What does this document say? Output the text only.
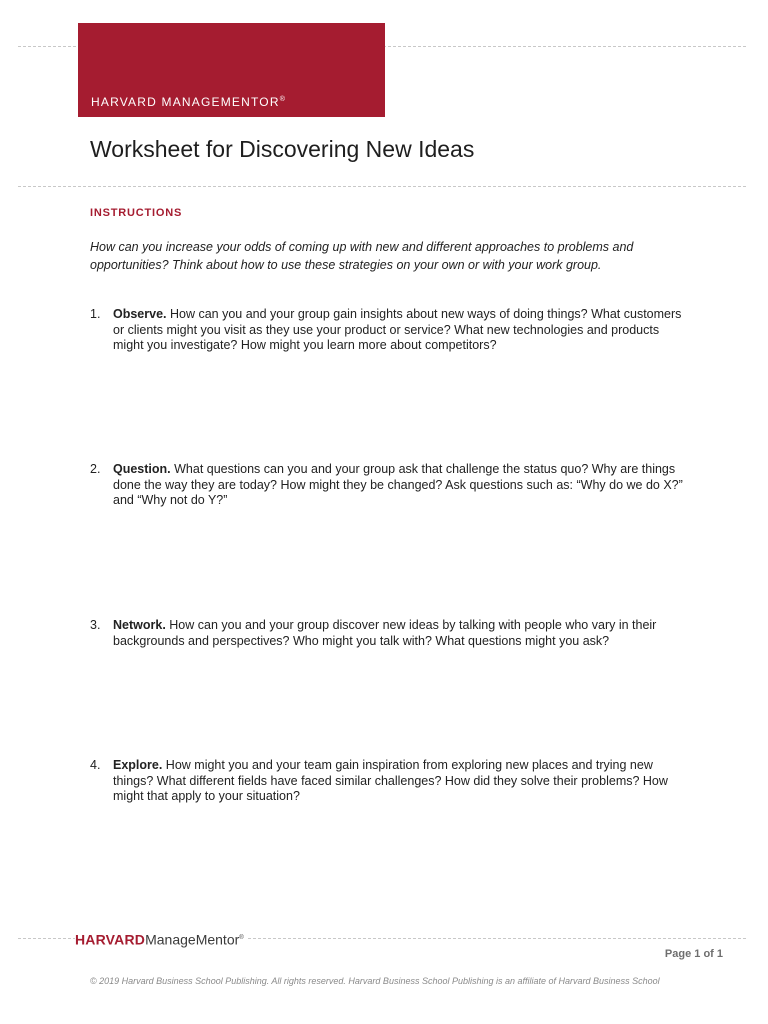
HARVARD MANAGEMENTOR®
Worksheet for Discovering New Ideas
INSTRUCTIONS
How can you increase your odds of coming up with new and different approaches to problems and opportunities? Think about how to use these strategies on your own or with your work group.
1. Observe. How can you and your group gain insights about new ways of doing things? What customers or clients might you visit as they use your product or service? What new technologies and products might you investigate? How might you learn more about competitors?
2. Question. What questions can you and your group ask that challenge the status quo? Why are things done the way they are today? How might they be changed? Ask questions such as: “Why do we do X?” and “Why not do Y?”
3. Network. How can you and your group discover new ideas by talking with people who vary in their backgrounds and perspectives? Who might you talk with? What questions might you ask?
4. Explore. How might you and your team gain inspiration from exploring new places and trying new things? What different fields have faced similar challenges? How did they solve their problems? How might that apply to your situation?
HARVARDManageMentor®
Page 1 of 1
© 2019 Harvard Business School Publishing. All rights reserved. Harvard Business School Publishing is an affiliate of Harvard Business School
